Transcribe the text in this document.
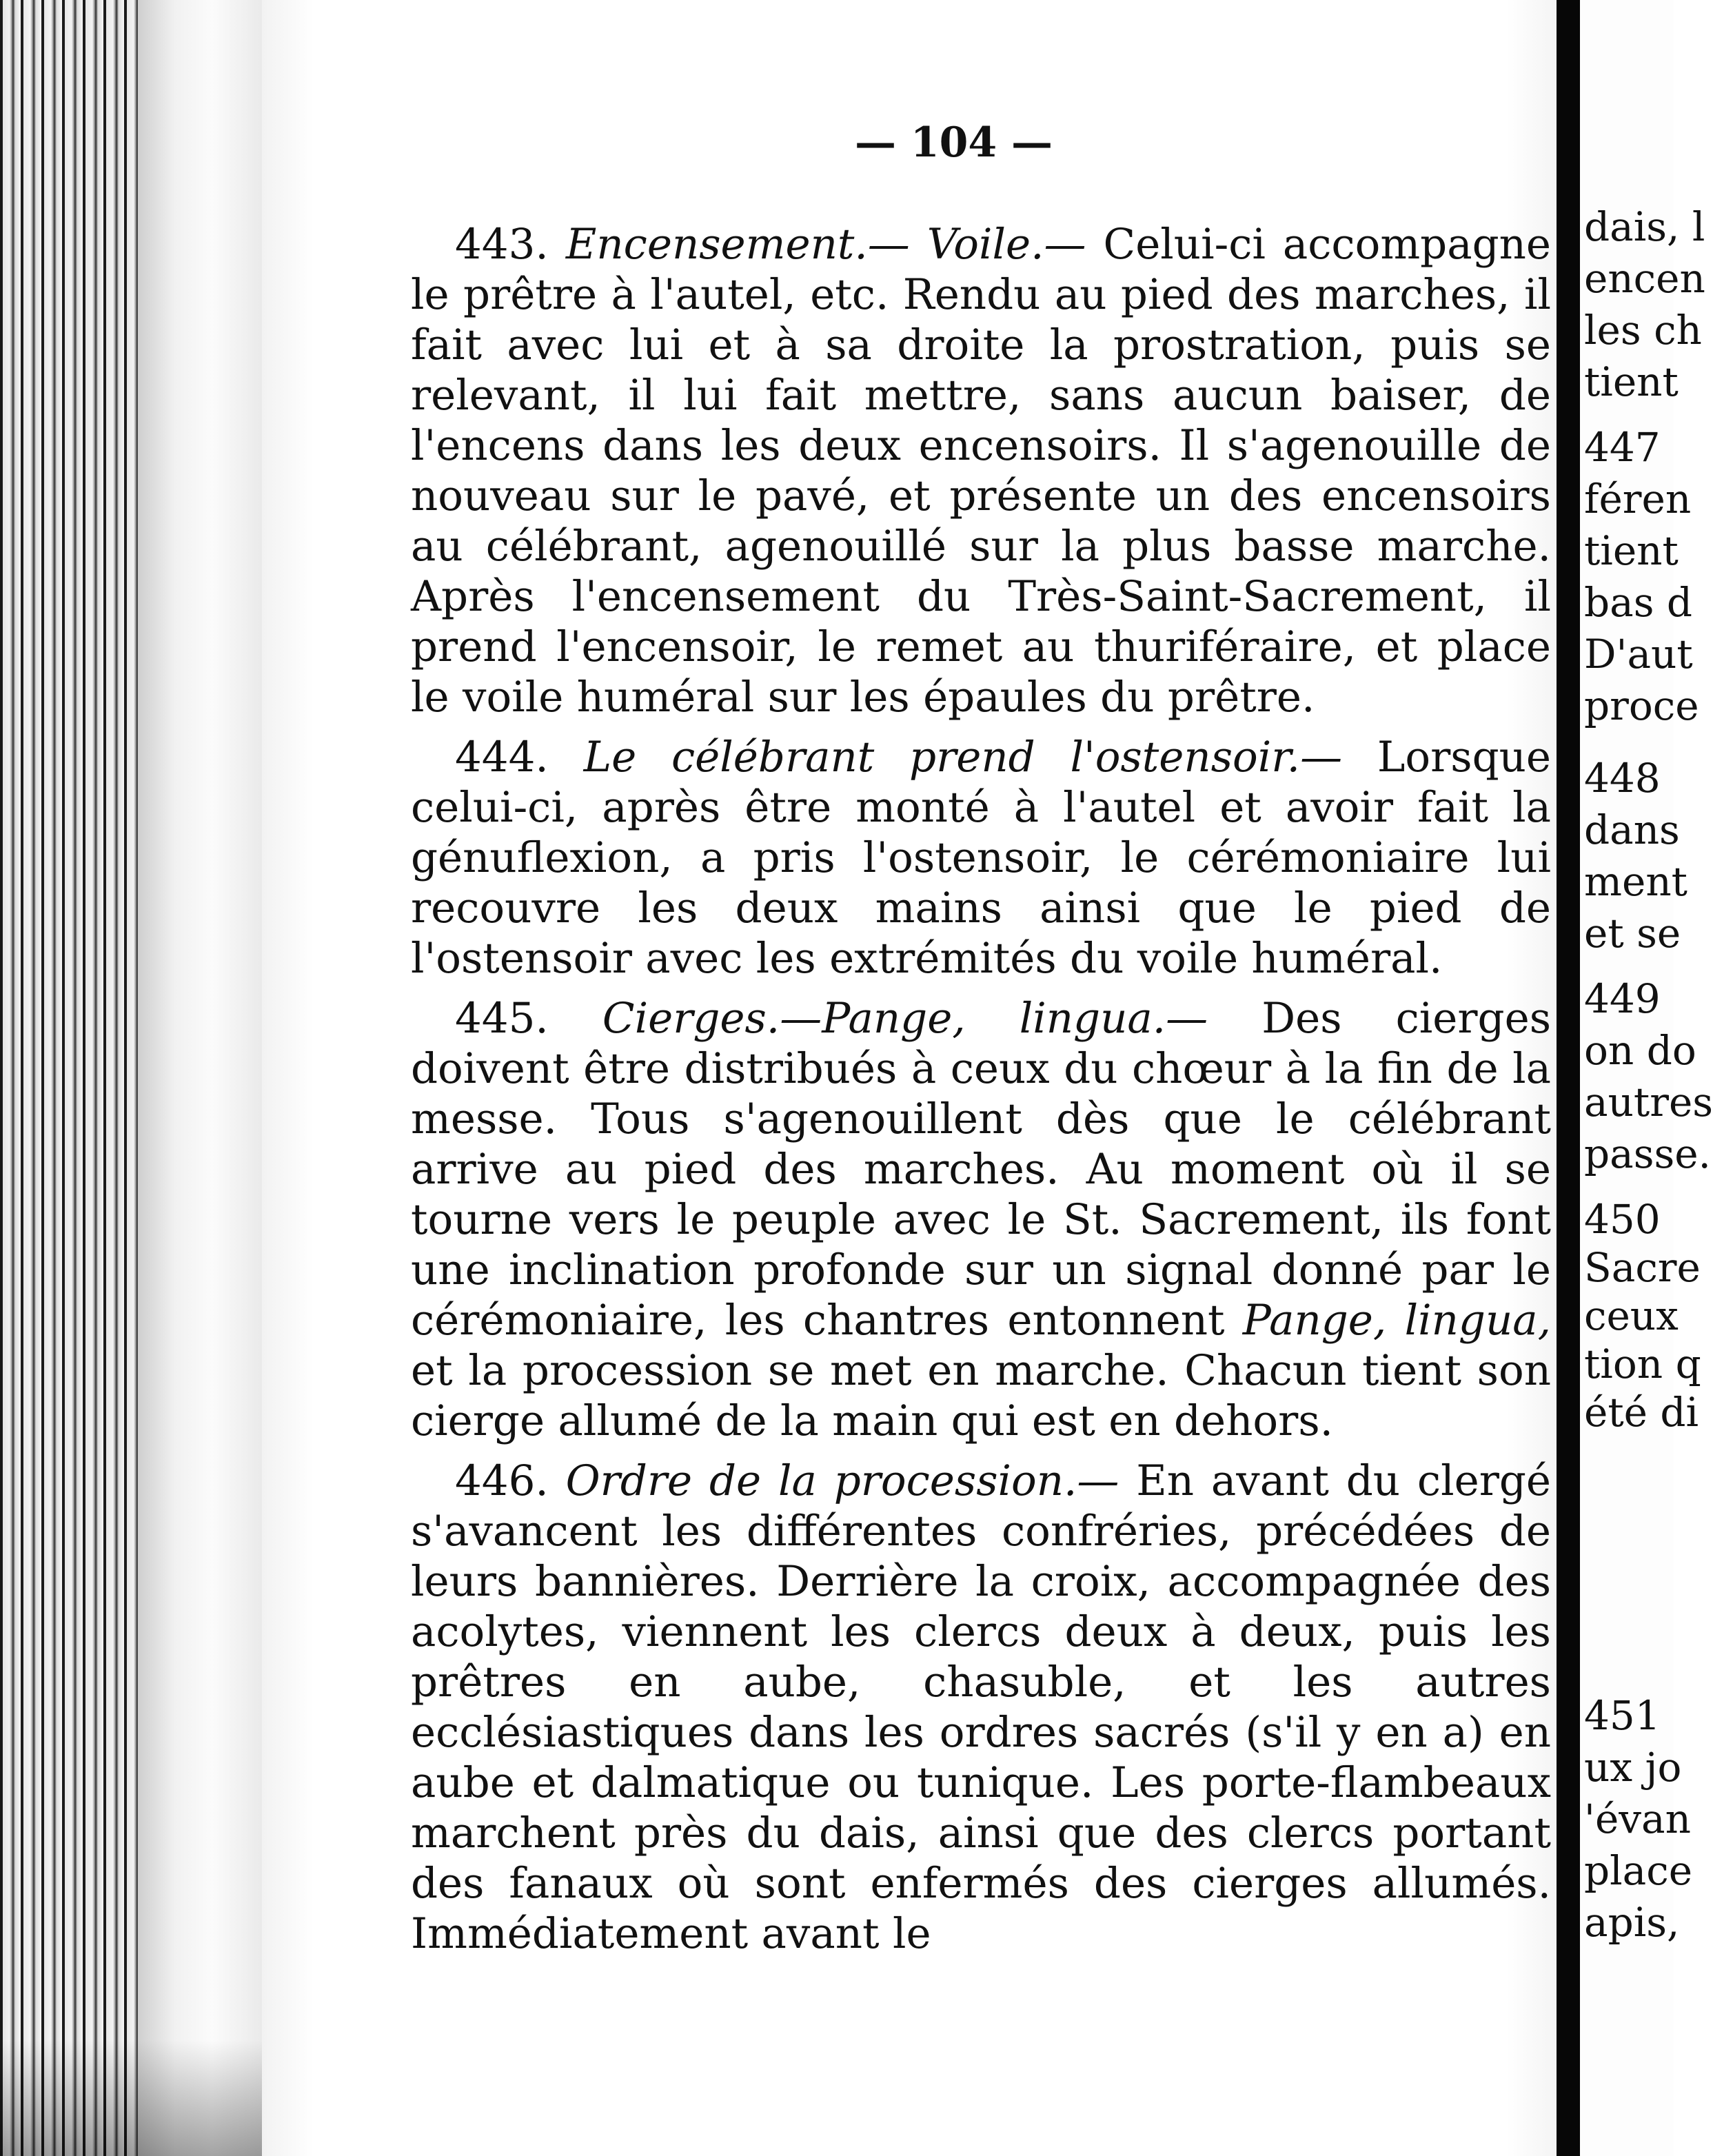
— 104 —

443. Encensement.— Voile.— Celui-ci accompagne le prêtre à l'autel, etc. Rendu au pied des marches, il fait avec lui et à sa droite la prostration, puis se relevant, il lui fait mettre, sans aucun baiser, de l'encens dans les deux encensoirs. Il s'agenouille de nouveau sur le pavé, et présente un des encensoirs au célébrant, agenouillé sur la plus basse marche. Après l'encensement du Très-Saint-Sacrement, il prend l'encensoir, le remet au thuriféraire, et place le voile huméral sur les épaules du prêtre.

444. Le célébrant prend l'ostensoir.— Lorsque celui-ci, après être monté à l'autel et avoir fait la génuflexion, a pris l'ostensoir, le cérémoniaire lui recouvre les deux mains ainsi que le pied de l'ostensoir avec les extrémités du voile huméral.

445. Cierges.—Pange, lingua.— Des cierges doivent être distribués à ceux du chœur à la fin de la messe. Tous s'agenouillent dès que le célébrant arrive au pied des marches. Au moment où il se tourne vers le peuple avec le St. Sacrement, ils font une inclination profonde sur un signal donné par le cérémoniaire, les chantres entonnent Pange, lingua, et la procession se met en marche. Chacun tient son cierge allumé de la main qui est en dehors.

446. Ordre de la procession.— En avant du clergé s'avancent les différentes confréries, précédées de leurs bannières. Derrière la croix, accompagnée des acolytes, viennent les clercs deux à deux, puis les prêtres en aube, chasuble, et les autres ecclésiastiques dans les ordres sacrés (s'il y en a) en aube et dalmatique ou tunique. Les porte-flambeaux marchent près du dais, ainsi que des clercs portant des fanaux où sont enfermés des cierges allumés. Immédiatement avant le

dais, l
encen
les ch
tient
447
féren
tient
bas d
D'aut
proce
448
dans
ment
et se
449
on do
autres
passe.
450
Sacre
ceux
tion q
été di
451
ux jo
'évan
place
apis,
